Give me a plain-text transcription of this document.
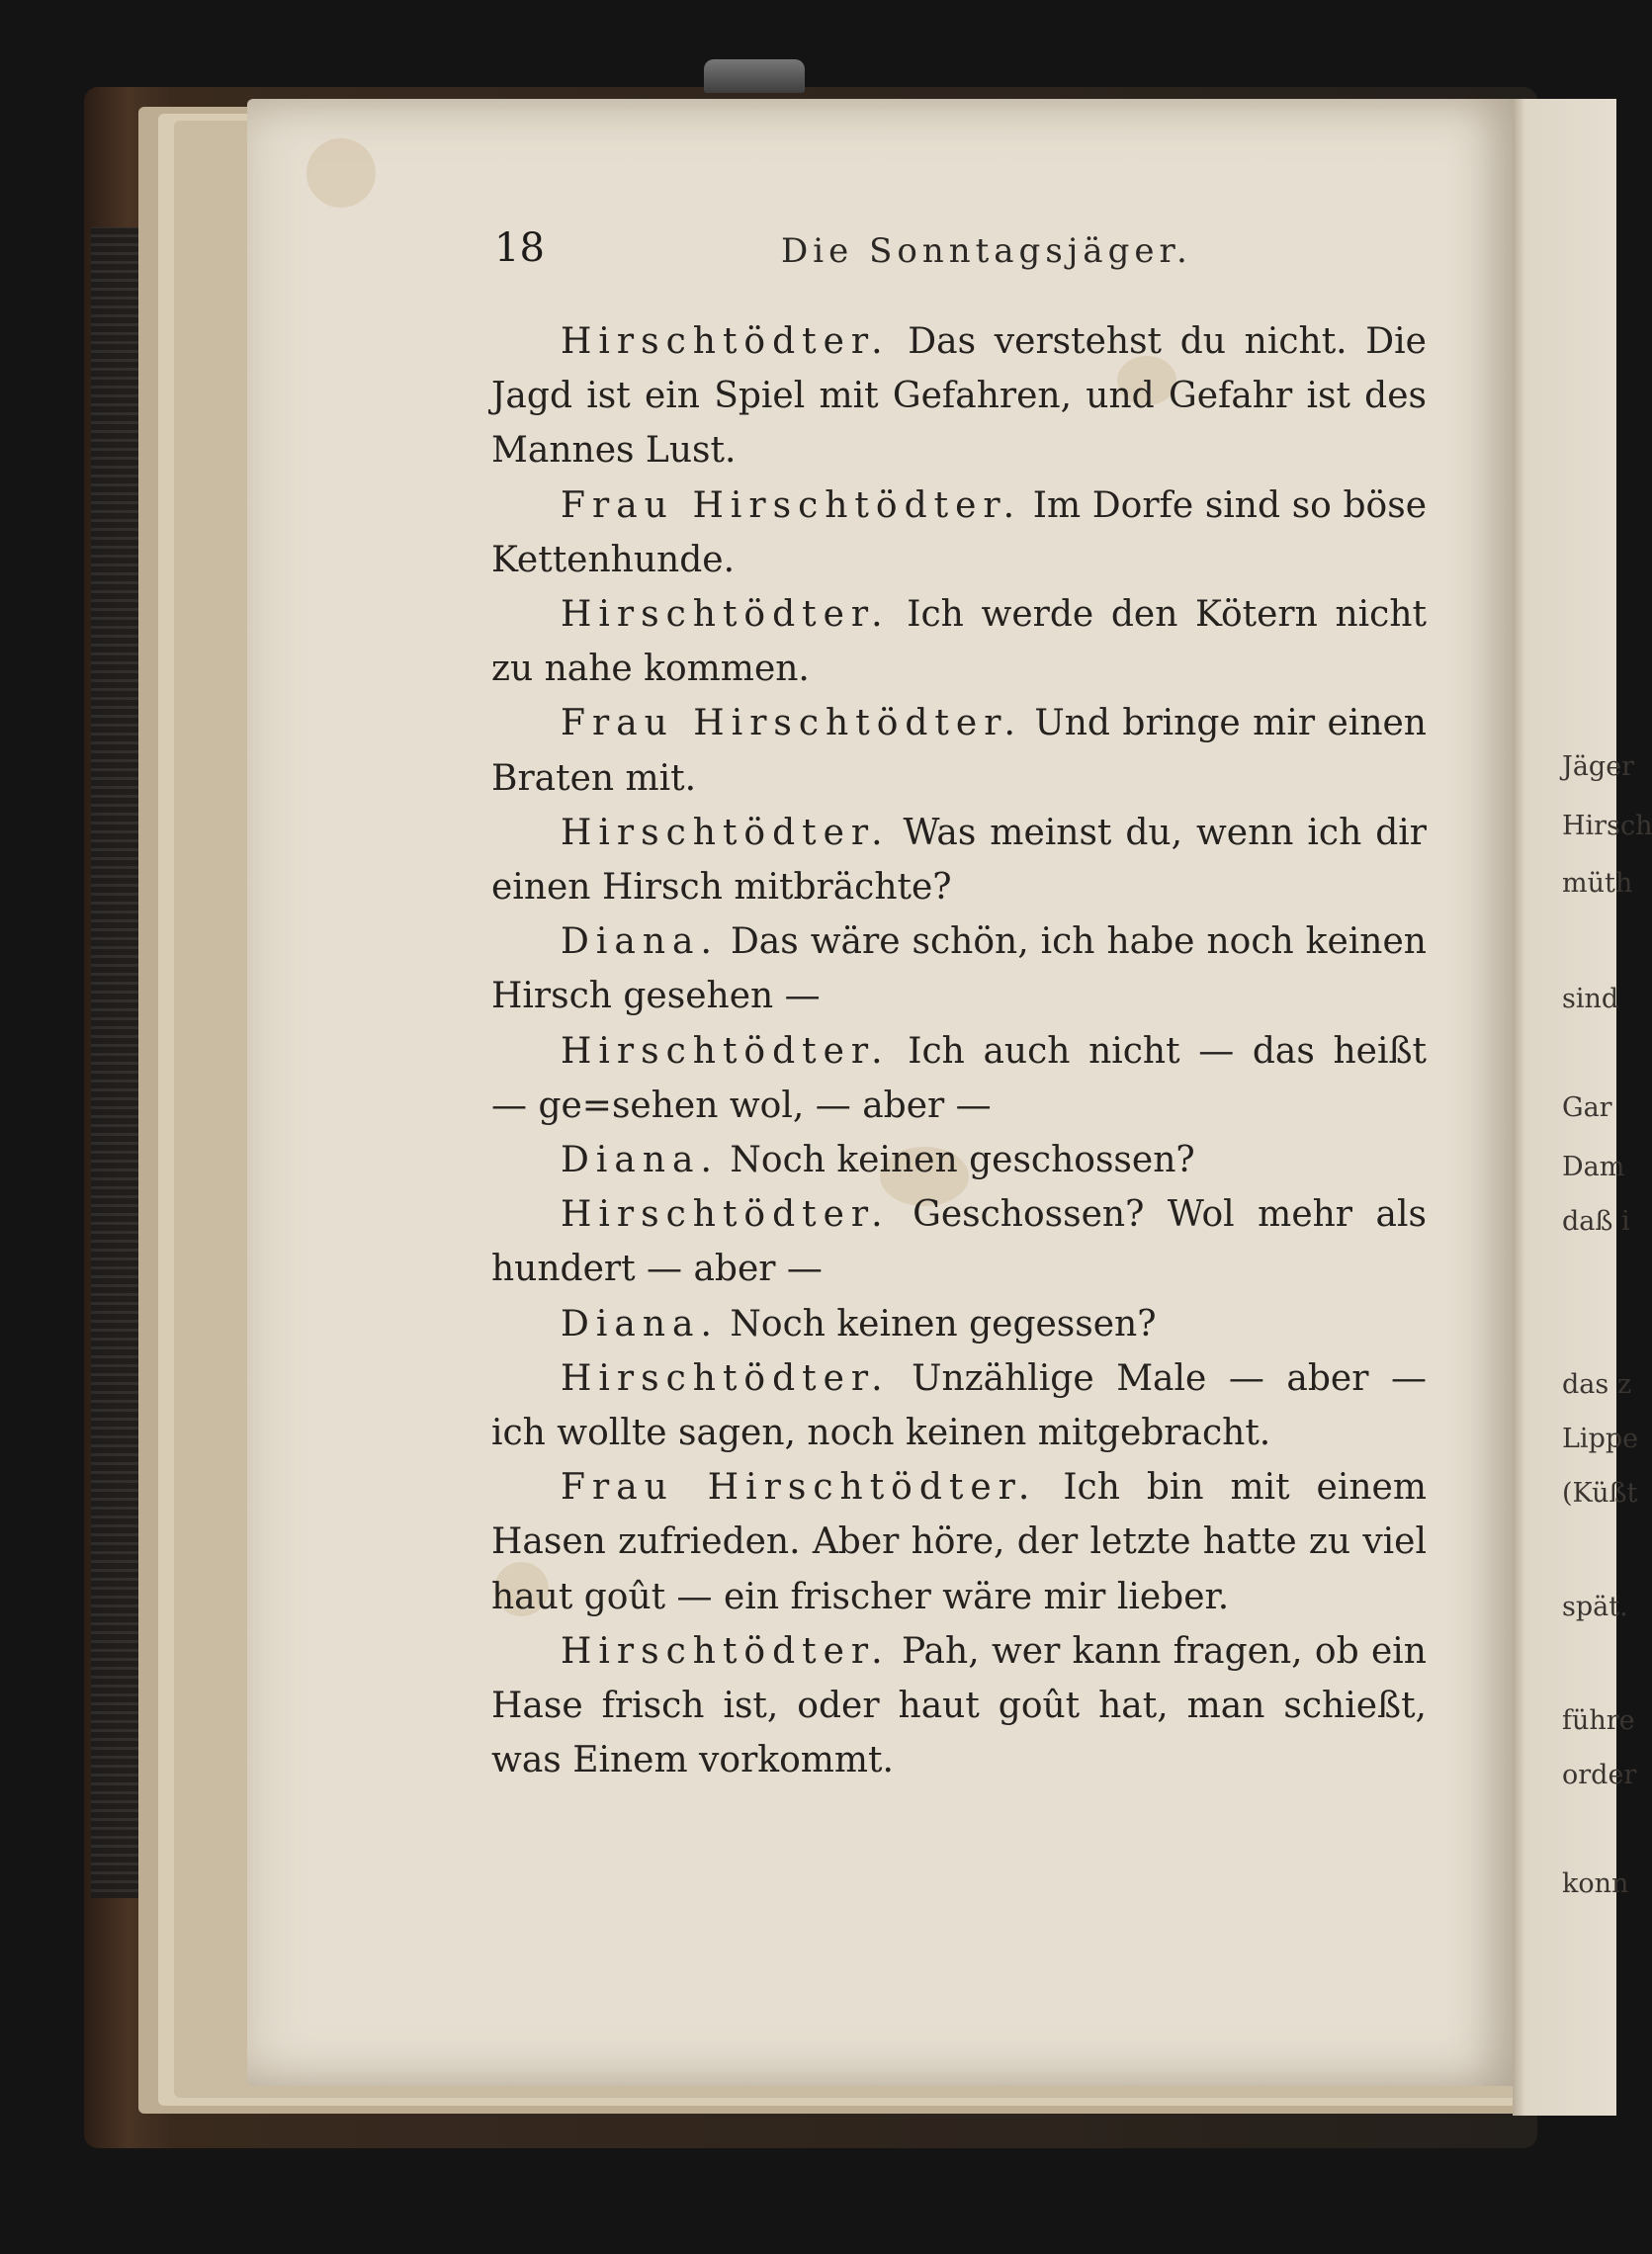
Jäger
Hirsch
müth
sind
Gar
Dam
daß i
das z
Lippe
(Küßt
spät.
führe
order
konn
18	Die Sonntagsjäger.

Hirschtödter. Das verstehst du nicht. Die Jagd ist ein Spiel mit Gefahren, und Gefahr ist des Mannes Lust.

Frau Hirschtödter. Im Dorfe sind so böse Kettenhunde.

Hirschtödter. Ich werde den Kötern nicht zu nahe kommen.

Frau Hirschtödter. Und bringe mir einen Braten mit.

Hirschtödter. Was meinst du, wenn ich dir einen Hirsch mitbrächte?

Diana. Das wäre schön, ich habe noch keinen Hirsch gesehen —

Hirschtödter. Ich auch nicht — das heißt — ge=sehen wol, — aber —

Diana. Noch keinen geschossen?

Hirschtödter. Geschossen? Wol mehr als hundert — aber —

Diana. Noch keinen gegessen?

Hirschtödter. Unzählige Male — aber — ich wollte sagen, noch keinen mitgebracht.

Frau Hirschtödter. Ich bin mit einem Hasen zufrieden. Aber höre, der letzte hatte zu viel haut goût — ein frischer wäre mir lieber.

Hirschtödter. Pah, wer kann fragen, ob ein Hase frisch ist, oder haut goût hat, man schießt, was Einem vorkommt.
